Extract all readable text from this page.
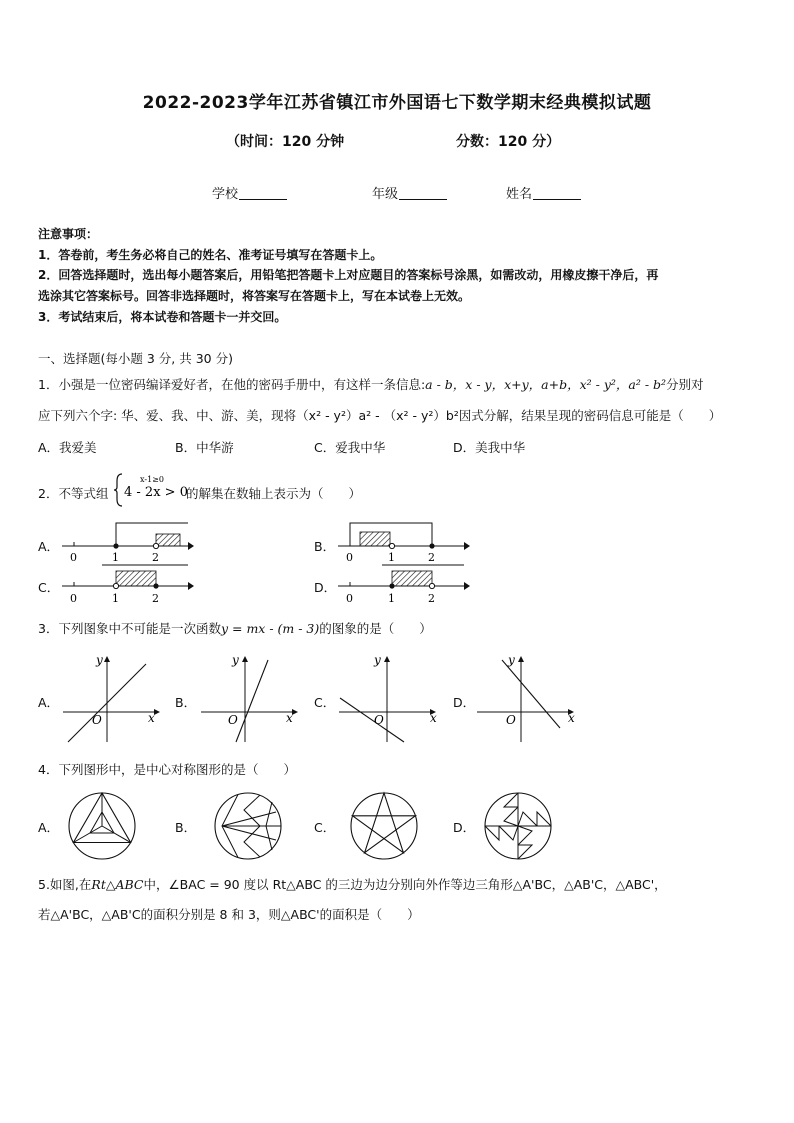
2022-2023学年江苏省镇江市外国语七下数学期末经典模拟试题
（时间：120 分钟	分数：120 分）
学校	年级	姓名
注意事项：
1．答卷前，考生务必将自己的姓名、准考证号填写在答题卡上。
2．回答选择题时，选出每小题答案后，用铅笔把答题卡上对应题目的答案标号涂黑，如需改动，用橡皮擦干净后，再
选涂其它答案标号。回答非选择题时，将答案写在答题卡上，写在本试卷上无效。
3．考试结束后，将本试卷和答题卡一并交回。
一、选择题(每小题 3 分, 共 30 分)
1．小强是一位密码编译爱好者，在他的密码手册中，有这样一条信息:a - b，x - y，x+y，a+b，x² - y²，a² - b²分别对
应下列六个字: 华、爱、我、中、游、美，现将（x² - y²）a² - （x² - y²）b²因式分解，结果呈现的密码信息可能是（　　）
A．我爱美	B．中华游	C．爱我中华	D．美我中华
2．不等式组
x-1≥0
4 - 2x > 0
的解集在数轴上表示为（　　）
A．
0	1	2
B．
0	1	2
C．
0	1	2
D．
0	1	2
3．下列图象中不可能是一次函数y = mx - (m - 3)的图象的是（　　）
A．
y
x
O
B．
y
x
O
C．
y
x
O
D．
y
x
O
4．下列图形中，是中心对称图形的是（　　）
A．	B．	C．	D．
5.如图,在Rt△ABC中，∠BAC = 90 度以 Rt△ABC 的三边为边分别向外作等边三角形△A'BC，△AB'C，△ABC'，
若△A'BC，△AB'C的面积分别是 8 和 3，则△ABC'的面积是（　　）
